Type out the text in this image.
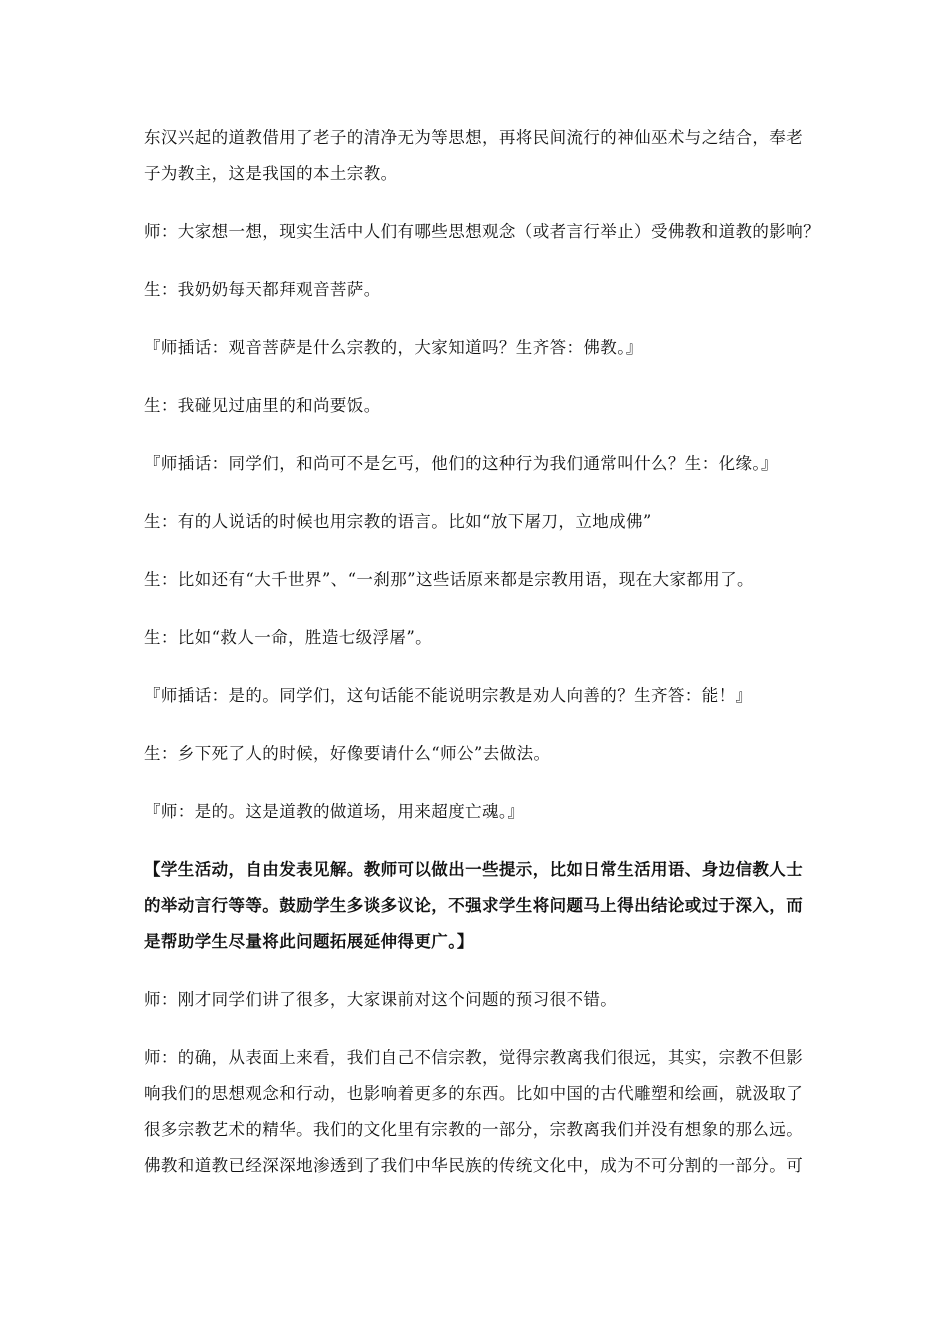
东汉兴起的道教借用了老子的清净无为等思想，再将民间流行的神仙巫术与之结合，奉老
子为教主，这是我国的本土宗教。

师：大家想一想，现实生活中人们有哪些思想观念（或者言行举止）受佛教和道教的影响？

生：我奶奶每天都拜观音菩萨。

『师插话：观音菩萨是什么宗教的，大家知道吗？生齐答：佛教。』

生：我碰见过庙里的和尚要饭。

『师插话：同学们，和尚可不是乞丐，他们的这种行为我们通常叫什么？生：化缘。』

生：有的人说话的时候也用宗教的语言。比如“放下屠刀，立地成佛”

生：比如还有“大千世界”、“一刹那”这些话原来都是宗教用语，现在大家都用了。

生：比如“救人一命，胜造七级浮屠”。

『师插话：是的。同学们，这句话能不能说明宗教是劝人向善的？生齐答：能！』

生：乡下死了人的时候，好像要请什么“师公”去做法。

『师：是的。这是道教的做道场，用来超度亡魂。』

【学生活动，自由发表见解。教师可以做出一些提示，比如日常生活用语、身边信教人士
的举动言行等等。鼓励学生多谈多议论，不强求学生将问题马上得出结论或过于深入，而
是帮助学生尽量将此问题拓展延伸得更广。】

师：刚才同学们讲了很多，大家课前对这个问题的预习很不错。

师：的确，从表面上来看，我们自己不信宗教，觉得宗教离我们很远，其实，宗教不但影
响我们的思想观念和行动，也影响着更多的东西。比如中国的古代雕塑和绘画，就汲取了
很多宗教艺术的精华。我们的文化里有宗教的一部分，宗教离我们并没有想象的那么远。
佛教和道教已经深深地渗透到了我们中华民族的传统文化中，成为不可分割的一部分。可
